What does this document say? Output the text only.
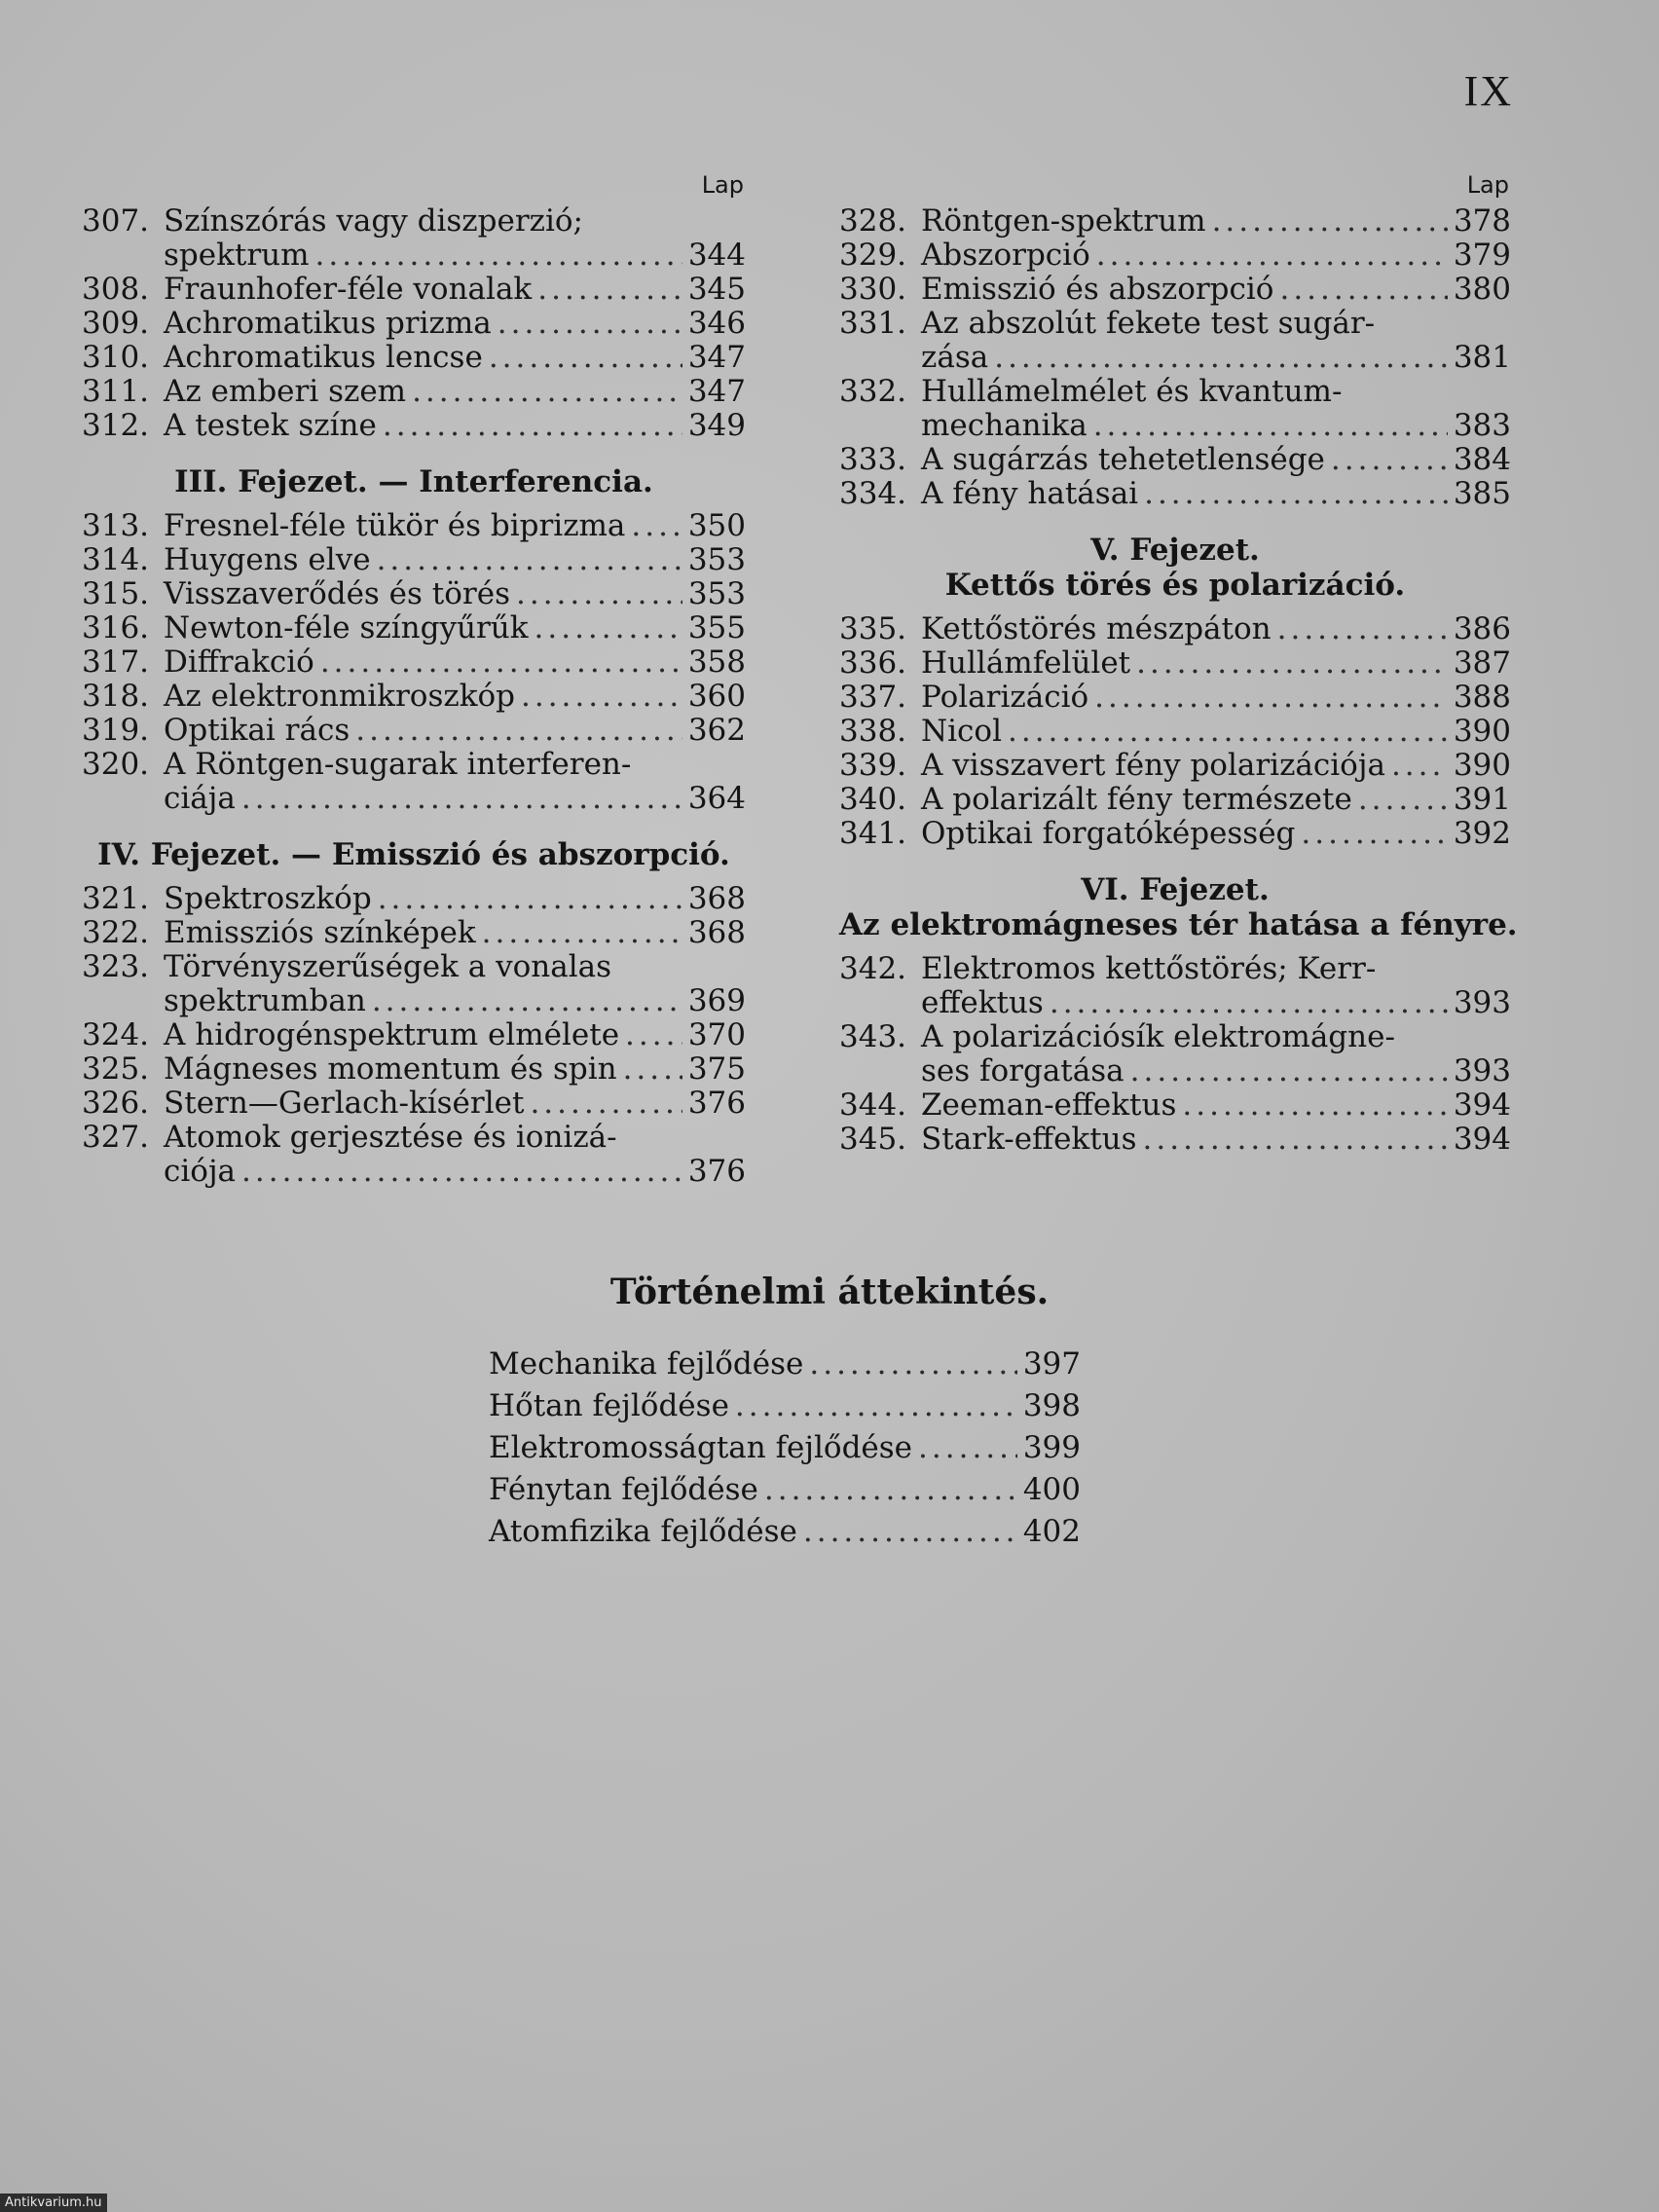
IX
Lap
307. Színszórás vagy diszperzió;
spektrum .....	344
308. Fraunhofer-féle vonalak .....	345
309. Achromatikus prizma .....	346
310. Achromatikus lencse .....	347
311. Az emberi szem .....	347
312. A testek színe .....	349
III. Fejezet. — Interferencia.
313. Fresnel-féle tükör és biprizma ..... 350
314. Huygens elve .....	353
315. Visszaverődés és törés .....	353
316. Newton-féle színgyűrűk .....	355
317. Diffrakció .....	358
318. Az elektronmikroszkóp .....	360
319. Optikai rács .....	362
320. A Röntgen-sugarak interferen-
ciája .....	364
IV. Fejezet. — Emisszió és abszorpció.
321. Spektroszkóp .....	368
322. Emissziós színképek .....	368
323. Törvényszerűségek a vonalas
spektrumban .....	369
324. A hidrogénspektrum elmélete ..... 370
325. Mágneses momentum és spin ..... 375
326. Stern—Gerlach-kísérlet .....	376
327. Atomok gerjesztése és ionizá-
ciója .....	376
Lap
328. Röntgen-spektrum .....	378
329. Abszorpció .....	379
330. Emisszió és abszorpció .....	380
331. Az abszolút fekete test sugár-
zása .....	381
332. Hullámelmélet és kvantum-
mechanika .....	383
333. A sugárzás tehetetlensége .....	384
334. A fény hatásai .....	385
V. Fejezet.
Kettős törés és polarizáció.
335. Kettőstörés mészpáton .....	386
336. Hullámfelület .....	387
337. Polarizáció .....	388
338. Nicol .....	390
339. A visszavert fény polarizációja ..... 390
340. A polarizált fény természete .....	391
341. Optikai forgatóképesség .....	392
VI. Fejezet.
Az elektromágneses tér hatása a fényre.
342. Elektromos kettőstörés; Kerr-
effektus .....	393
343. A polarizációsík elektromágne-
ses forgatása .....	393
344. Zeeman-effektus .....	394
345. Stark-effektus .....	394
Történelmi áttekintés.
Mechanika fejlődése .....	397
Hőtan fejlődése .....	398
Elektromosságtan fejlődése .....	399
Fénytan fejlődése .....	400
Atomfizika fejlődése .....	402
Antikvarium.hu
